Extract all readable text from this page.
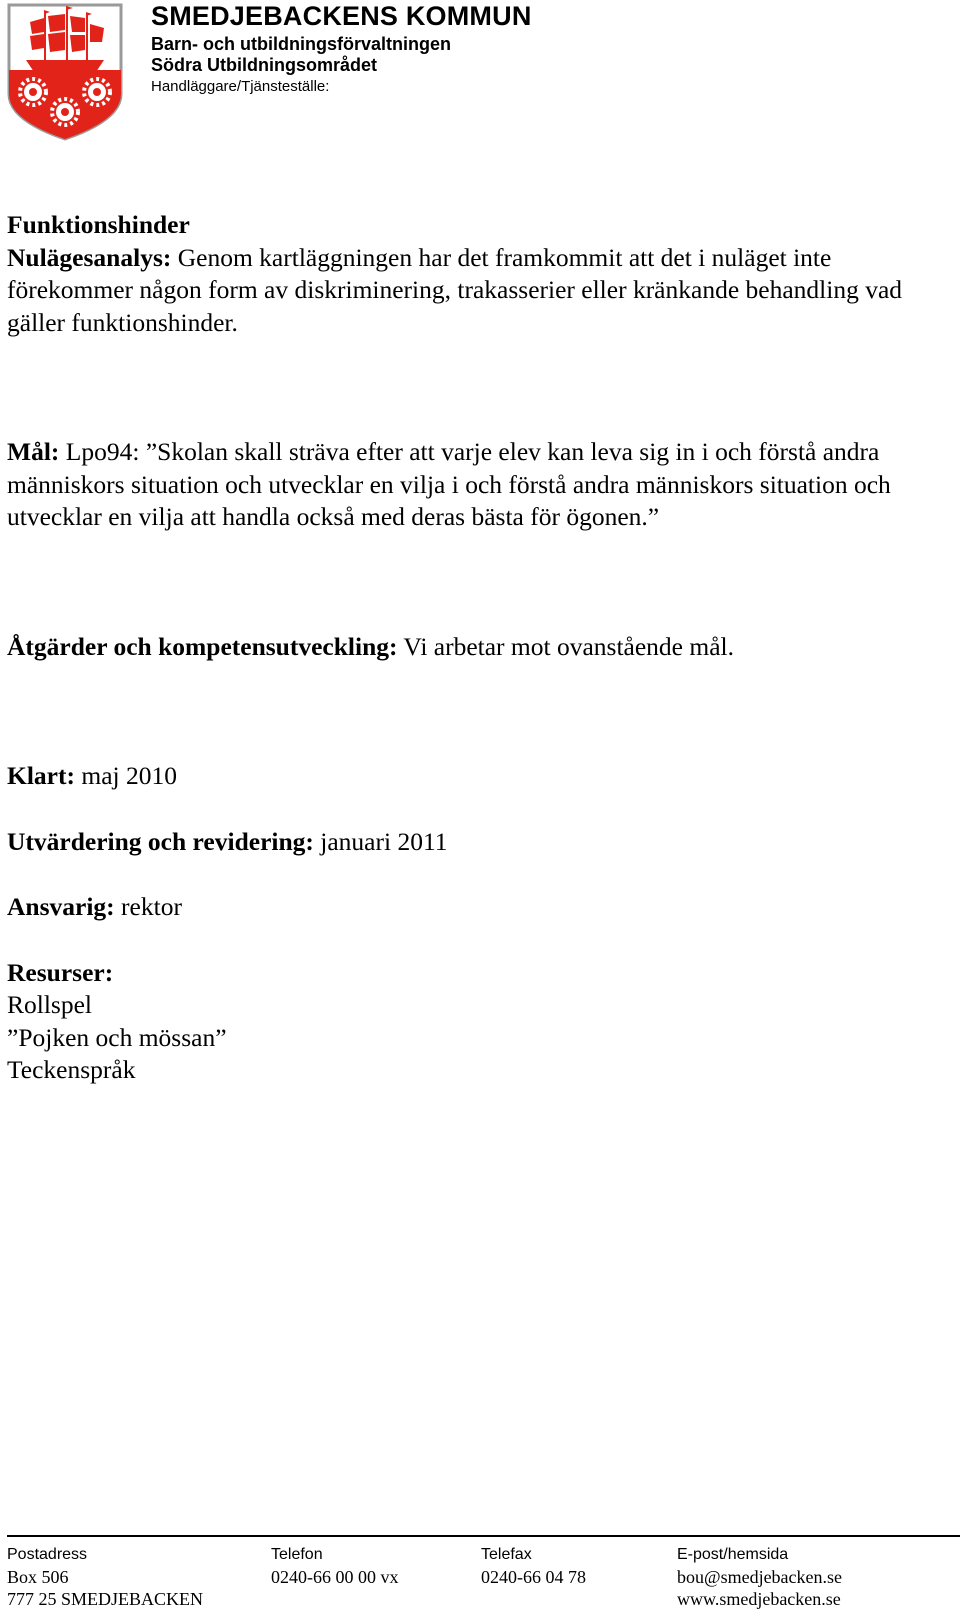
SMEDJEBACKENS KOMMUN
Barn- och utbildningsförvaltningen
Södra Utbildningsområdet
Handläggare/Tjänsteställe:

Funktionshinder

Nulägesanalys: Genom kartläggningen har det framkommit att det i nuläget inte förekommer någon form av diskriminering, trakasserier eller kränkande behandling vad gäller funktionshinder.

Mål: Lpo94: ”Skolan skall sträva efter att varje elev kan leva sig in i och förstå andra människors situation och utvecklar en vilja i och förstå andra människors situation och utvecklar en vilja att handla också med deras bästa för ögonen.”

Åtgärder och kompetensutveckling: Vi arbetar mot ovanstående mål.

Klart: maj 2010

Utvärdering och revidering: januari 2011

Ansvarig: rektor

Resurser:

Rollspel

”Pojken och mössan”

Teckenspråk

Postadress
Box 506
777 25 SMEDJEBACKEN
Telefon
0240-66 00 00 vx
Telefax
0240-66 04 78
E-post/hemsida
bou@smedjebacken.se
www.smedjebacken.se
